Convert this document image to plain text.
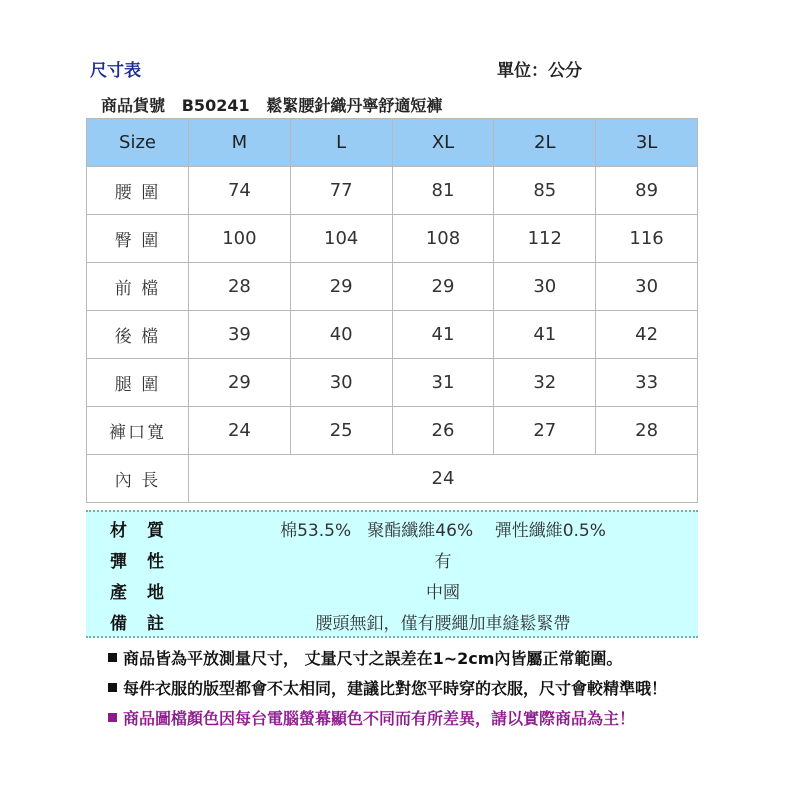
尺寸表	單位：公分
商品貨號 B50241 鬆緊腰針織丹寧舒適短褲
Size	M	L	XL	2L	3L
腰 圍	74	77	81	85	89
臀 圍	100	104	108	112	116
前 檔	28	29	29	30	30
後 檔	39	40	41	41	42
腿 圍	29	30	31	32	33
褲口寬	24	25	26	27	28
內 長	24				
材質	棉53.5%   聚酯纖維46%    彈性纖維0.5%
彈性	有
產地	中國
備註	腰頭無釦，僅有腰繩加車縫鬆緊帶
商品皆為平放測量尺寸， 丈量尺寸之誤差在1~2cm內皆屬正常範圍。
每件衣服的版型都會不太相同，建議比對您平時穿的衣服，尺寸會較精準哦！
商品圖檔顏色因每台電腦螢幕顯色不同而有所差異，請以實際商品為主！
